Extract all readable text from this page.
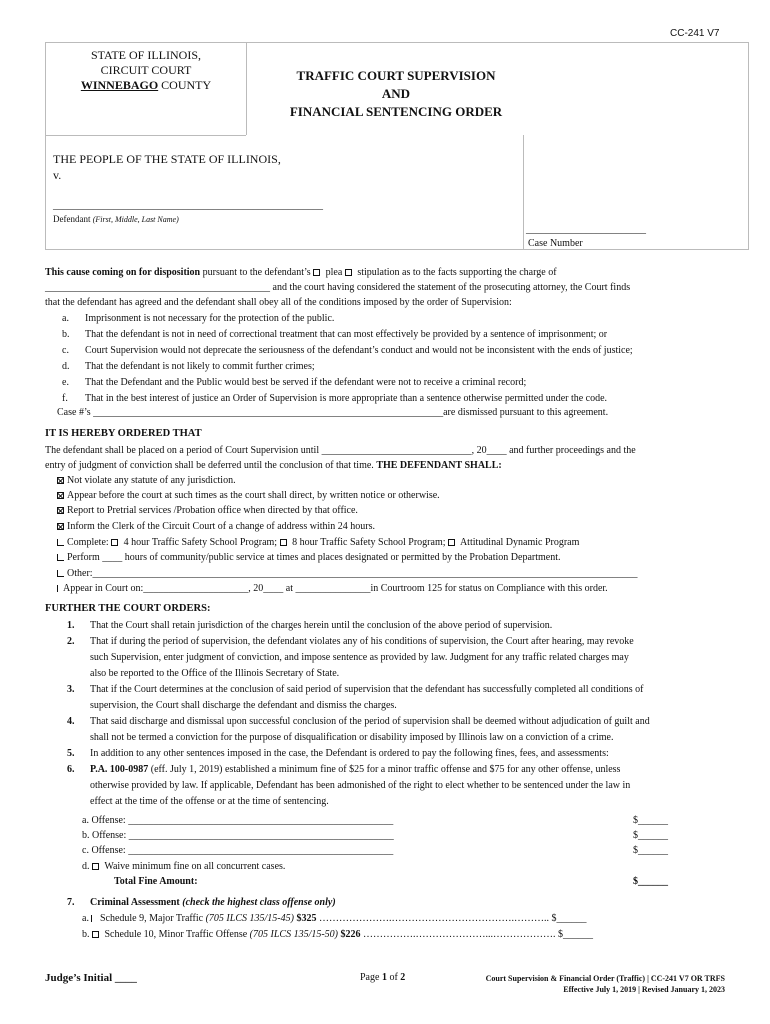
CC-241 V7
STATE OF ILLINOIS,
CIRCUIT COURT
WINNEBAGO COUNTY
TRAFFIC COURT SUPERVISION
AND
FINANCIAL SENTENCING ORDER
THE PEOPLE OF THE STATE OF ILLINOIS,
v.
______________________________________________________
Defendant (First, Middle, Last Name)
________________________
Case Number
This cause coming on for disposition pursuant to the defendant’s  plea  stipulation as to the facts supporting the charge of
_____________________________________________ and the court having considered the statement of the prosecuting attorney, the Court finds
that the defendant has agreed and the defendant shall obey all of the conditions imposed by the order of Supervision:
a. Imprisonment is not necessary for the protection of the public.
b. That the defendant is not in need of correctional treatment that can most effectively be provided by a sentence of imprisonment; or
c. Court Supervision would not deprecate the seriousness of the defendant’s conduct and would not be inconsistent with the ends of justice;
d. That the defendant is not likely to commit further crimes;
e. That the Defendant and the Public would best be served if the defendant were not to receive a criminal record;
f. That in the best interest of justice an Order of Supervision is more appropriate than a sentence otherwise permitted under the code.
Case #’s ______________________________________________________________________are dismissed pursuant to this agreement.
IT IS HEREBY ORDERED THAT
The defendant shall be placed on a period of Court Supervision until ______________________________, 20____ and further proceedings and the
entry of judgment of conviction shall be deferred until the conclusion of that time. THE DEFENDANT SHALL:
Not violate any statute of any jurisdiction.
Appear before the court at such times as the court shall direct, by written notice or otherwise.
Report to Pretrial services /Probation office when directed by that office.
Inform the Clerk of the Circuit Court of a change of address within 24 hours.
Complete:  4 hour Traffic Safety School Program;  8 hour Traffic Safety School Program;  Attitudinal Dynamic Program
Perform ____ hours of community/public service at times and places designated or permitted by the Probation Department.
Other:_____________________________________________________________________________________________________________
Appear in Court on:_____________________, 20____ at _______________in Courtroom 125 for status on Compliance with this order.
FURTHER THE COURT ORDERS:
1. That the Court shall retain jurisdiction of the charges herein until the conclusion of the above period of supervision.
2. That if during the period of supervision, the defendant violates any of his conditions of supervision, the Court after hearing, may revoke
such Supervision, enter judgment of conviction, and impose sentence as provided by law. Judgment for any traffic related charges may
also be reported to the Office of the Illinois Secretary of State.
3. That if the Court determines at the conclusion of said period of supervision that the defendant has successfully completed all conditions of
supervision, the Court shall discharge the defendant and dismiss the charges.
4. That said discharge and dismissal upon successful conclusion of the period of supervision shall be deemed without adjudication of guilt and
shall not be termed a conviction for the purpose of disqualification or disability imposed by Illinois law on a conviction of a crime.
5. In addition to any other sentences imposed in the case, the Defendant is ordered to pay the following fines, fees, and assessments:
6. P.A. 100-0987 (eff. July 1, 2019) established a minimum fine of $25 for a minor traffic offense and $75 for any other offense, unless
otherwise provided by law. If applicable, Defendant has been admonished of the right to elect whether to be sentenced under the law in
effect at the time of the offense or at the time of sentencing.
a. Offense: _____________________________________________________	$______
b. Offense: _____________________________________________________	$______
c. Offense: _____________________________________________________	$______
d.  Waive minimum fine on all concurrent cases.
Total Fine Amount:	$______
7. Criminal Assessment (check the highest class offense only)
a.  Schedule 9, Major Traffic (705 ILCS 135/15-45) $325 ………………….……………………………….……….. $______
b.  Schedule 10, Minor Traffic Offense (705 ILCS 135/15-50) $226 …………….…………………...………………. $______
Judge’s Initial ____	Page 1 of 2	Court Supervision & Financial Order (Traffic) | CC-241 V7 OR TRFS
Effective July 1, 2019 | Revised January 1, 2023
